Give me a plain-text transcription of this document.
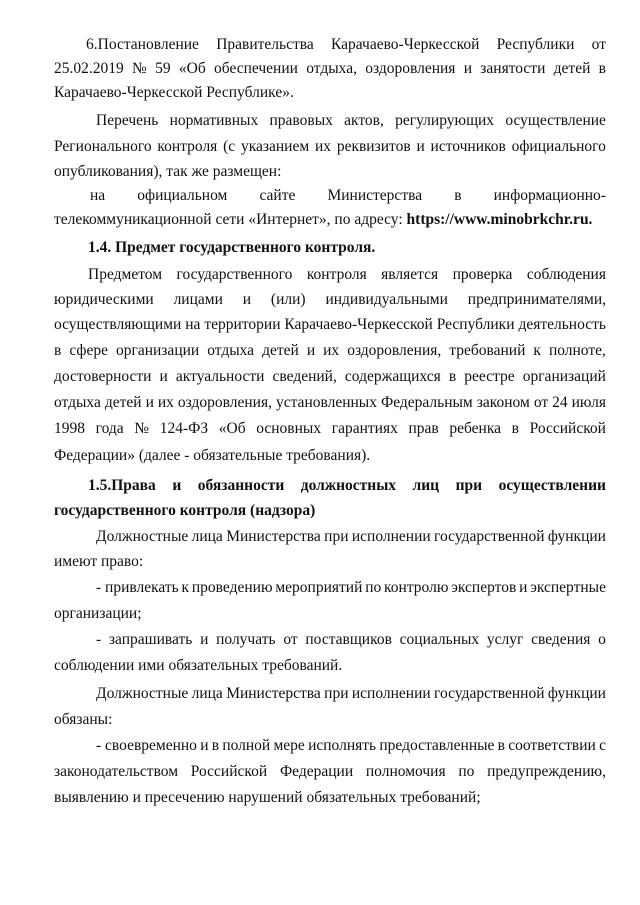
6.Постановление Правительства Карачаево-Черкесской Республики от
25.02.2019 № 59 «Об обеспечении отдыха, оздоровления и занятости детей в
Карачаево-Черкесской Республике».
Перечень нормативных правовых актов, регулирующих осуществление
Регионального контроля (с указанием их реквизитов и источников официального
опубликования), так же размещен:
на официальном сайте Министерства в информационно-
телекоммуникационной сети «Интернет», по адресу: https://www.minobrkchr.ru.
1.4. Предмет государственного контроля.
Предметом государственного контроля является проверка соблюдения
юридическими лицами и (или) индивидуальными предпринимателями,
осуществляющими на территории Карачаево-Черкесской Республики деятельность
в сфере организации отдыха детей и их оздоровления, требований к полноте,
достоверности и актуальности сведений, содержащихся в реестре организаций
отдыха детей и их оздоровления, установленных Федеральным законом от 24 июля
1998 года № 124-ФЗ «Об основных гарантиях прав ребенка в Российской
Федерации» (далее - обязательные требования).
1.5.Права и обязанности должностных лиц при осуществлении
государственного контроля (надзора)
Должностные лица Министерства при исполнении государственной функции
имеют право:
- привлекать к проведению мероприятий по контролю экспертов и экспертные
организации;
- запрашивать и получать от поставщиков социальных услуг сведения о
соблюдении ими обязательных требований.
Должностные лица Министерства при исполнении государственной функции
обязаны:
- своевременно и в полной мере исполнять предоставленные в соответствии с
законодательством Российской Федерации полномочия по предупреждению,
выявлению и пресечению нарушений обязательных требований;
